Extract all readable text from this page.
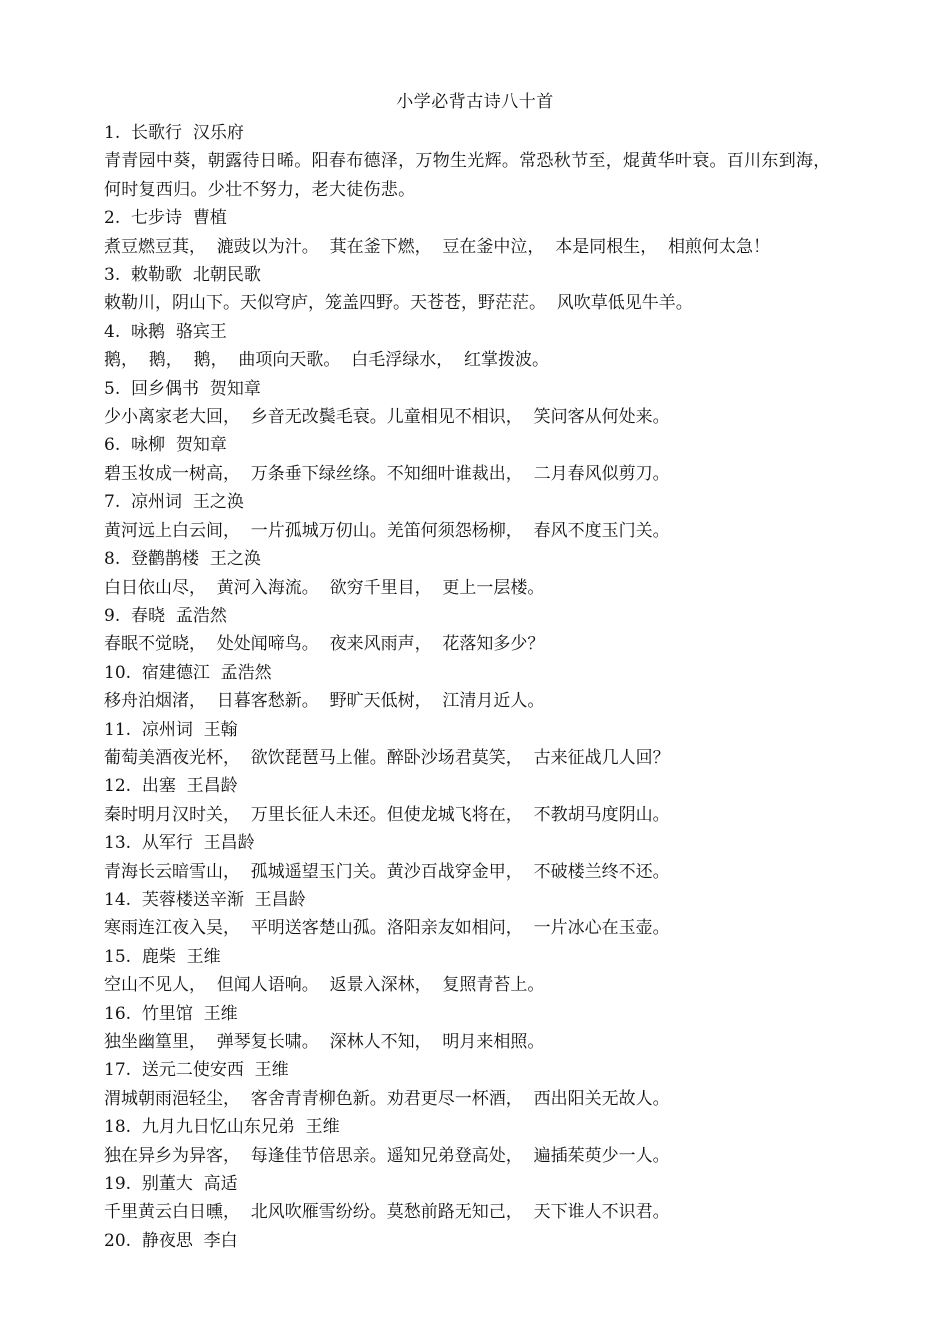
小学必背古诗八十首
1.  长歌行  汉乐府
青青园中葵，朝露待日晞。阳春布德泽，万物生光辉。常恐秋节至，焜黄华叶衰。百川东到海，
何时复西归。少壮不努力，老大徒伤悲。
2.  七步诗  曹植
煮豆燃豆萁，  漉豉以为汁。  萁在釜下燃，  豆在釜中泣，  本是同根生，  相煎何太急！
3.  敕勒歌  北朝民歌
敕勒川，阴山下。天似穹庐，笼盖四野。天苍苍，野茫茫。  风吹草低见牛羊。
4.  咏鹅  骆宾王
鹅，  鹅，  鹅，  曲项向天歌。  白毛浮绿水，  红掌拨波。
5.  回乡偶书  贺知章
少小离家老大回，  乡音无改鬓毛衰。儿童相见不相识，  笑问客从何处来。
6.  咏柳  贺知章
碧玉妆成一树高，  万条垂下绿丝绦。不知细叶谁裁出，  二月春风似剪刀。
7.  凉州词  王之涣
黄河远上白云间，  一片孤城万仞山。羌笛何须怨杨柳，  春风不度玉门关。
8.  登鹳鹊楼  王之涣
白日依山尽，  黄河入海流。  欲穷千里目，  更上一层楼。
9.  春晓  孟浩然
春眠不觉晓，  处处闻啼鸟。  夜来风雨声，  花落知多少？
10.  宿建德江  孟浩然
移舟泊烟渚，  日暮客愁新。  野旷天低树，  江清月近人。
11.  凉州词  王翰
葡萄美酒夜光杯，  欲饮琵琶马上催。醉卧沙场君莫笑，  古来征战几人回？
12.  出塞  王昌龄
秦时明月汉时关，  万里长征人未还。但使龙城飞将在，  不教胡马度阴山。
13.  从军行  王昌龄
青海长云暗雪山，  孤城遥望玉门关。黄沙百战穿金甲，  不破楼兰终不还。
14.  芙蓉楼送辛渐  王昌龄
寒雨连江夜入吴，  平明送客楚山孤。洛阳亲友如相问，  一片冰心在玉壶。
15.  鹿柴  王维
空山不见人，  但闻人语响。  返景入深林，  复照青苔上。
16.  竹里馆  王维
独坐幽篁里，  弹琴复长啸。  深林人不知，  明月来相照。
17.  送元二使安西  王维
渭城朝雨浥轻尘，  客舍青青柳色新。劝君更尽一杯酒，  西出阳关无故人。
18.  九月九日忆山东兄弟  王维
独在异乡为异客，  每逢佳节倍思亲。遥知兄弟登高处，  遍插茱萸少一人。
19.  别董大  高适
千里黄云白日曛，  北风吹雁雪纷纷。莫愁前路无知己，  天下谁人不识君。
20.  静夜思  李白
